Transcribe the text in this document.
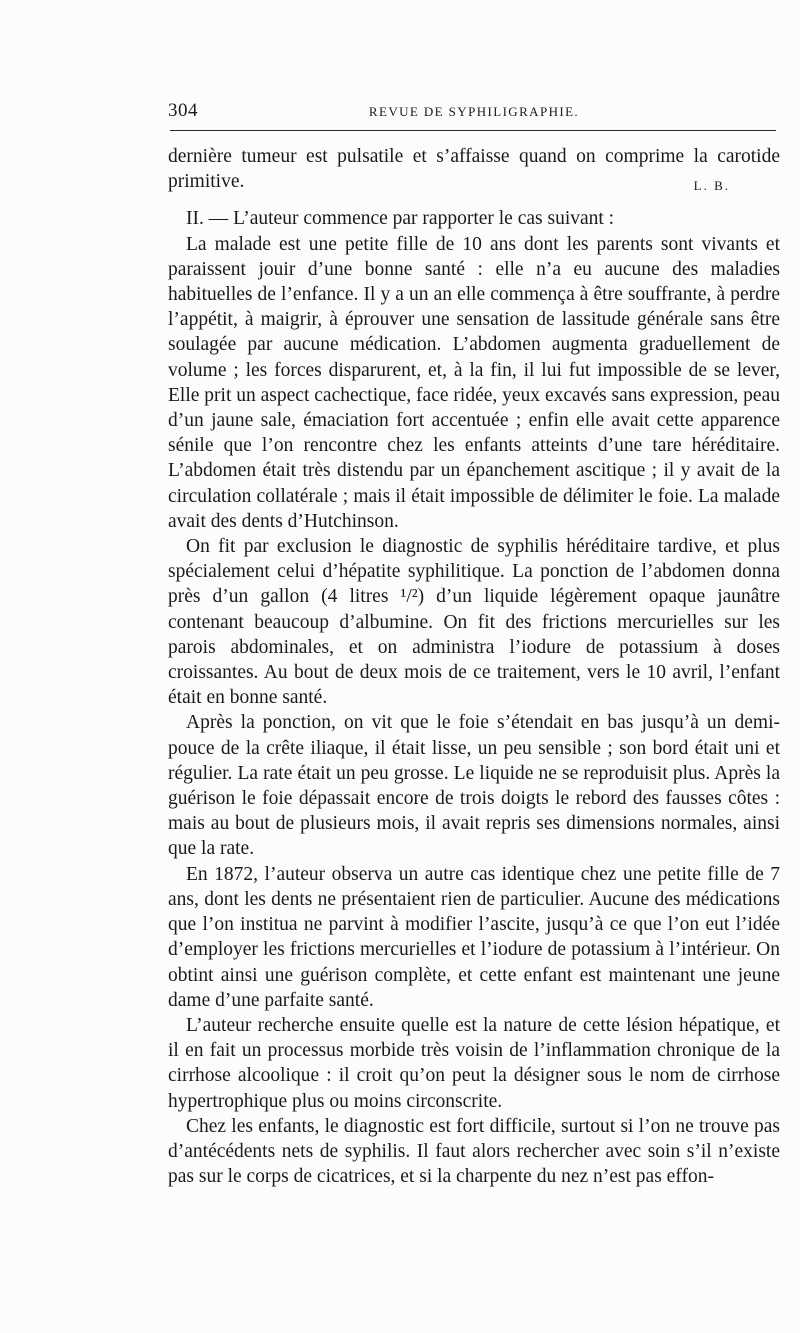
304	REVUE DE SYPHILIGRAPHIE.

dernière tumeur est pulsatile et s’affaisse quand on comprime la carotide primitive.	L. B.

II. — L’auteur commence par rapporter le cas suivant :

La malade est une petite fille de 10 ans dont les parents sont vivants et paraissent jouir d’une bonne santé : elle n’a eu aucune des maladies habituelles de l’enfance. Il y a un an elle commença à être souffrante, à perdre l’appétit, à maigrir, à éprouver une sensation de lassitude générale sans être soulagée par aucune médication. L’abdomen augmenta graduellement de volume ; les forces disparurent, et, à la fin, il lui fut impossible de se lever, Elle prit un aspect cachectique, face ridée, yeux excavés sans expression, peau d’un jaune sale, émaciation fort accentuée ; enfin elle avait cette apparence sénile que l’on rencontre chez les enfants atteints d’une tare héréditaire. L’abdomen était très distendu par un épanchement ascitique ; il y avait de la circulation collatérale ; mais il était impossible de délimiter le foie. La malade avait des dents d’Hutchinson.

On fit par exclusion le diagnostic de syphilis héréditaire tardive, et plus spécialement celui d’hépatite syphilitique. La ponction de l’abdomen donna près d’un gallon (4 litres ¹/²) d’un liquide légèrement opaque jaunâtre contenant beaucoup d’albumine. On fit des frictions mercurielles sur les parois abdominales, et on administra l’iodure de potassium à doses croissantes. Au bout de deux mois de ce traitement, vers le 10 avril, l’enfant était en bonne santé.

Après la ponction, on vit que le foie s’étendait en bas jusqu’à un demi-pouce de la crête iliaque, il était lisse, un peu sensible ; son bord était uni et régulier. La rate était un peu grosse. Le liquide ne se reproduisit plus. Après la guérison le foie dépassait encore de trois doigts le rebord des fausses côtes : mais au bout de plusieurs mois, il avait repris ses dimensions normales, ainsi que la rate.

En 1872, l’auteur observa un autre cas identique chez une petite fille de 7 ans, dont les dents ne présentaient rien de particulier. Aucune des médications que l’on institua ne parvint à modifier l’ascite, jusqu’à ce que l’on eut l’idée d’employer les frictions mercurielles et l’iodure de potassium à l’intérieur. On obtint ainsi une guérison complète, et cette enfant est maintenant une jeune dame d’une parfaite santé.

L’auteur recherche ensuite quelle est la nature de cette lésion hépatique, et il en fait un processus morbide très voisin de l’inflammation chronique de la cirrhose alcoolique : il croit qu’on peut la désigner sous le nom de cirrhose hypertrophique plus ou moins circonscrite.

Chez les enfants, le diagnostic est fort difficile, surtout si l’on ne trouve pas d’antécédents nets de syphilis. Il faut alors rechercher avec soin s’il n’existe pas sur le corps de cicatrices, et si la charpente du nez n’est pas effon-
